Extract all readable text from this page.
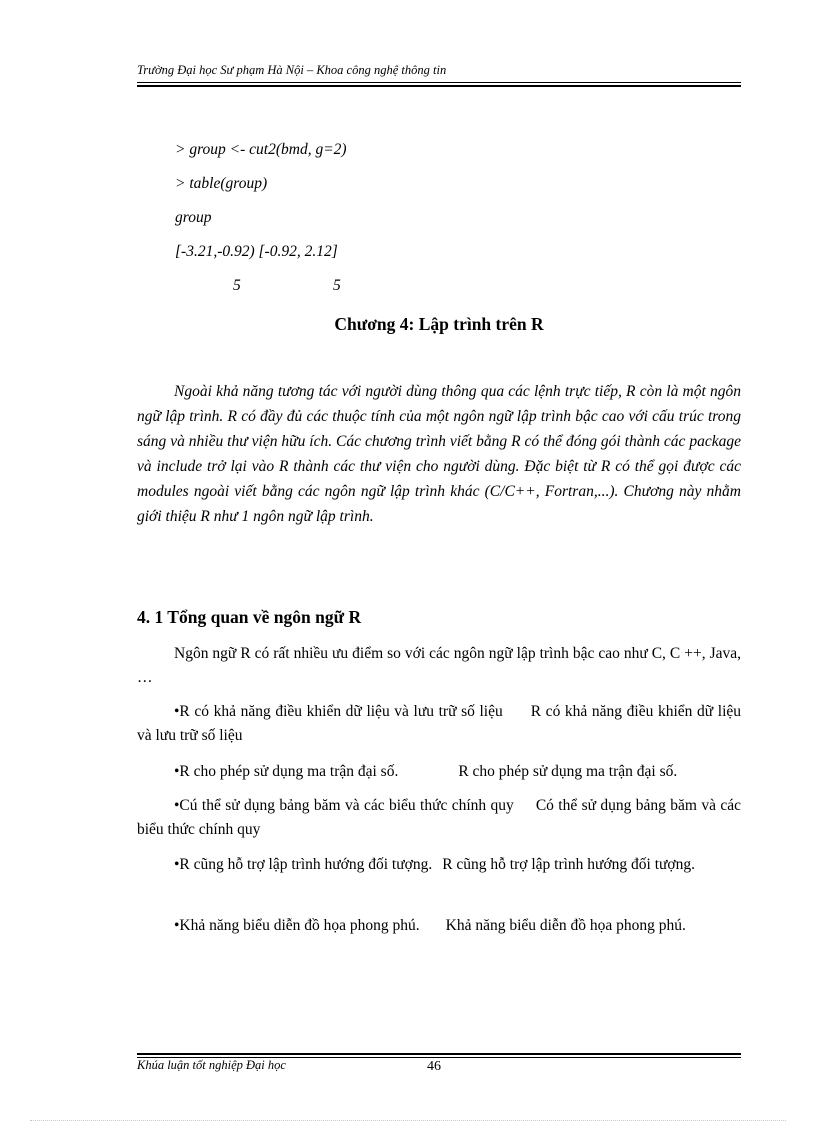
Trường Đại học Sư phạm Hà Nội – Khoa công nghệ thông tin
> group <- cut2(bmd, g=2)
> table(group)
group
[-3.21,-0.92) [-0.92, 2.12]
5	5
Chương 4: Lập trình trên R

Ngoài khả năng tương tác với người dùng thông qua các lệnh trực tiếp, R còn là một ngôn ngữ lập trình. R có đầy đủ các thuộc tính của một ngôn ngữ lập trình bậc cao với cấu trúc trong sáng và nhiều thư viện hữu ích. Các chương trình viết bằng R có thể đóng gói thành các package và include trở lại vào R thành các thư viện cho người dùng. Đặc biệt từ R có thể gọi được các modules ngoài viết bằng các ngôn ngữ lập trình khác (C/C++, Fortran,...). Chương này nhằm giới thiệu R như 1 ngôn ngữ lập trình.

4. 1 Tổng quan về ngôn ngữ R

Ngôn ngữ R có rất nhiều ưu điểm so với các ngôn ngữ lập trình bậc cao như C, C ++, Java, …

•R có khả năng điều khiển dữ liệu và lưu trữ số liệu R có khả năng điều khiển dữ liệu và lưu trữ số liệu

•R cho phép sử dụng ma trận đại số.	R cho phép sử dụng ma trận đại số.

•Cú thể sử dụng bảng băm và các biểu thức chính quy Có thể sử dụng bảng băm và các biểu thức chính quy

•R cũng hỗ trợ lập trình hướng đối tượng. R cũng hỗ trợ lập trình hướng đối tượng.

•Khả năng biểu diễn đồ họa phong phú. Khả năng biểu diễn đồ họa phong phú.

Khúa luận tốt nghiệp Đại học	46
